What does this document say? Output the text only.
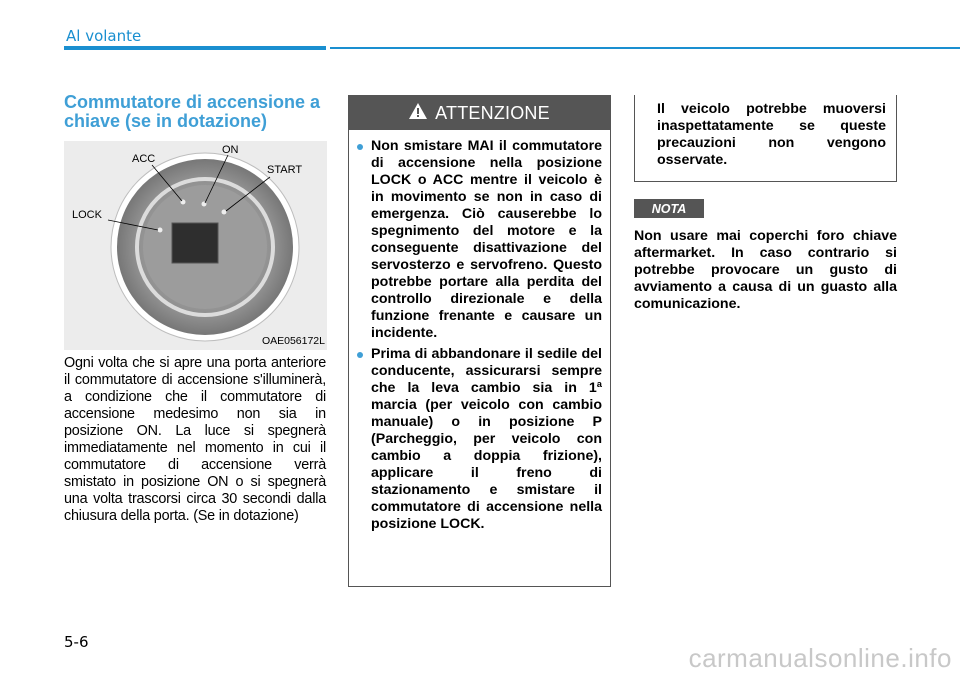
Al volante
Commutatore di accensione a chiave (se in dotazione)
LOCK
ACC
ON
START
OAE056172L
Ogni volta che si apre una porta anteriore il commutatore di accensione s'illuminerà, a condizione che il commutatore di accensione medesimo non sia in posizione ON. La luce si spegnerà immediatamente nel momento in cui il commutatore di accensione verrà smistato in posizione ON o si spegnerà una volta trascorsi circa 30 secondi dalla chiusura della porta. (Se in dotazione)
ATTENZIONE
Non smistare MAI il commutatore di accensione nella posizione LOCK o ACC mentre il veicolo è in movimento se non in caso di emergenza. Ciò causerebbe lo spegnimento del motore e la conseguente disattivazione del servosterzo e servofreno. Questo potrebbe portare alla perdita del controllo direzionale e della funzione frenante e causare un incidente.
Prima di abbandonare il sedile del conducente, assicurarsi sempre che la leva cambio sia in 1ª marcia (per veicolo con cambio manuale) o in posizione P (Parcheggio, per veicolo con cambio a doppia frizione), applicare il freno di stazionamento e smistare il commutatore di accensione nella posizione LOCK.
Il veicolo potrebbe muoversi inaspettatamente se queste precauzioni non vengono osservate.
NOTA
Non usare mai coperchi foro chiave aftermarket. In caso contrario si potrebbe provocare un gusto di avviamento a causa di un guasto alla comunicazione.
5-6
carmanualsonline.info
